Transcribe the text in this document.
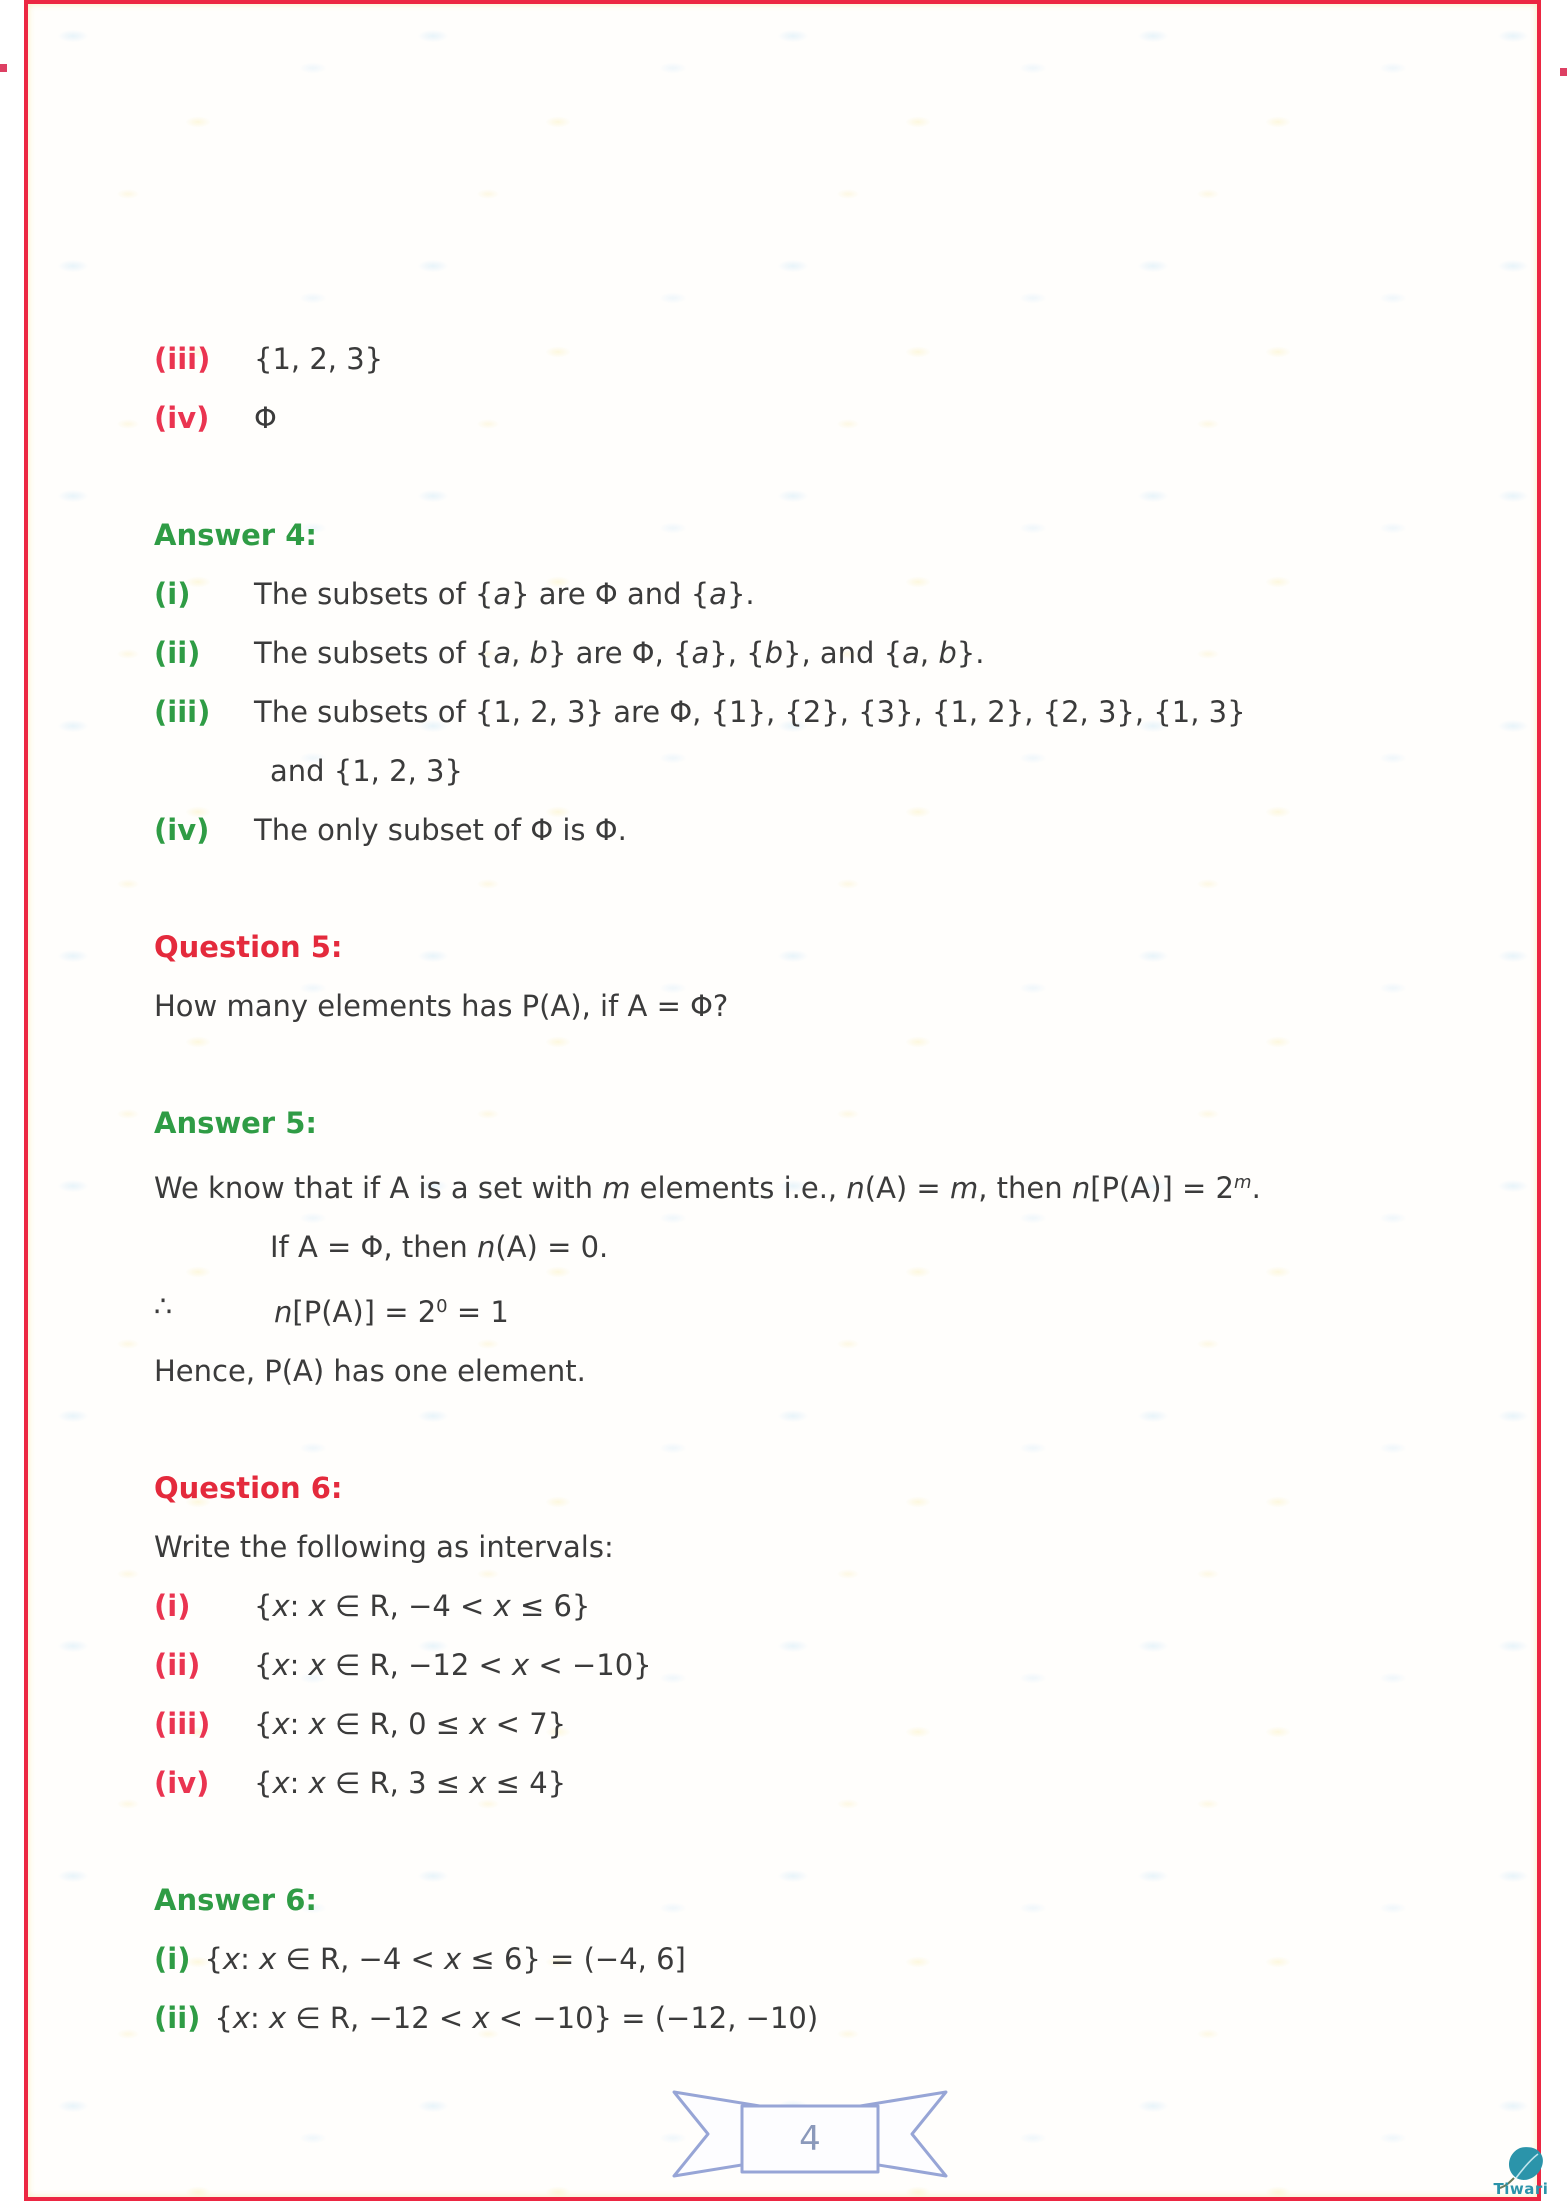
(iii)	{1, 2, 3}
(iv)	Φ
Answer 4:
(i)	The subsets of {a} are Φ and {a}.
(ii)	The subsets of {a, b} are Φ, {a}, {b}, and {a, b}.
(iii)	The subsets of {1, 2, 3} are Φ, {1}, {2}, {3}, {1, 2}, {2, 3}, {1, 3}
and {1, 2, 3}
(iv)	The only subset of Φ is Φ.
Question 5:
How many elements has P(A), if A = Φ?
Answer 5:
We know that if A is a set with m elements i.e., n(A) = m, then $n[P(A)] = 2^m$.
If A = Φ, then n(A) = 0.
∴	$n[P(A)] = 2^0 = 1$
Hence, P(A) has one element.
Question 6:
Write the following as intervals:
(i)	{x: x ∈ R, −4 < x ≤ 6}
(ii)	{x: x ∈ R, −12 < x < −10}
(iii)	{x: x ∈ R, 0 ≤ x < 7}
(iv)	{x: x ∈ R, 3 ≤ x ≤ 4}
Answer 6:
(i) {x: x ∈ R, −4 < x ≤ 6} = (−4, 6]
(ii) {x: x ∈ R, −12 < x < −10} = (−12, −10)
4
Tiwari
